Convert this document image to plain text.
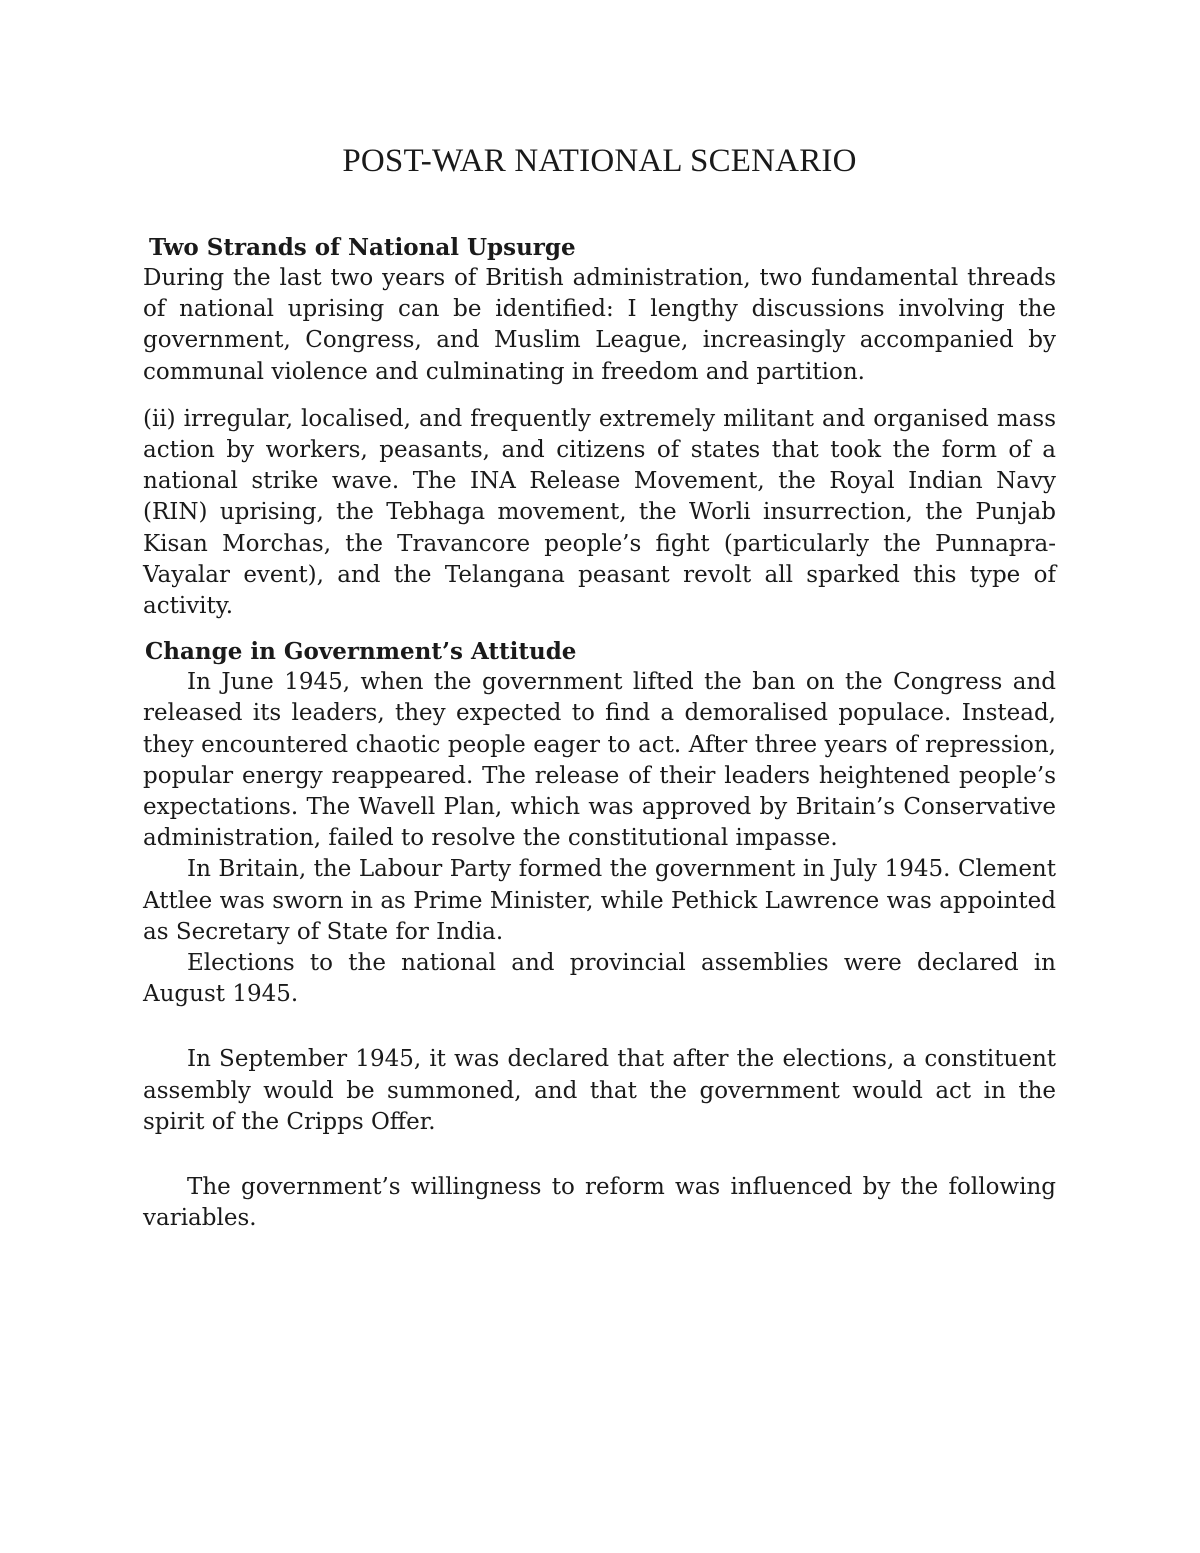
POST-WAR NATIONAL SCENARIO
Two Strands of National Upsurge

During the last two years of British administration, two fundamental threads of national uprising can be identified: I lengthy discussions involving the government, Congress, and Muslim League, increasingly accompanied by communal violence and culminating in freedom and partition.

(ii) irregular, localised, and frequently extremely militant and organised mass action by workers, peasants, and citizens of states that took the form of a national strike wave. The INA Release Movement, the Royal Indian Navy (RIN) uprising, the Tebhaga movement, the Worli insurrection, the Punjab Kisan Morchas, the Travancore people’s fight (particularly the Punnapra-Vayalar event), and the Telangana peasant revolt all sparked this type of activity.

Change in Government’s Attitude

In June 1945, when the government lifted the ban on the Congress and released its leaders, they expected to find a demoralised populace. Instead, they encountered chaotic people eager to act. After three years of repression, popular energy reappeared. The release of their leaders heightened people’s expectations. The Wavell Plan, which was approved by Britain’s Conservative administration, failed to resolve the constitutional impasse.

In Britain, the Labour Party formed the government in July 1945. Clement Attlee was sworn in as Prime Minister, while Pethick Lawrence was appointed as Secretary of State for India.

Elections to the national and provincial assemblies were declared in August 1945.

In September 1945, it was declared that after the elections, a constituent assembly would be summoned, and that the government would act in the spirit of the Cripps Offer.

The government’s willingness to reform was influenced by the following variables.
